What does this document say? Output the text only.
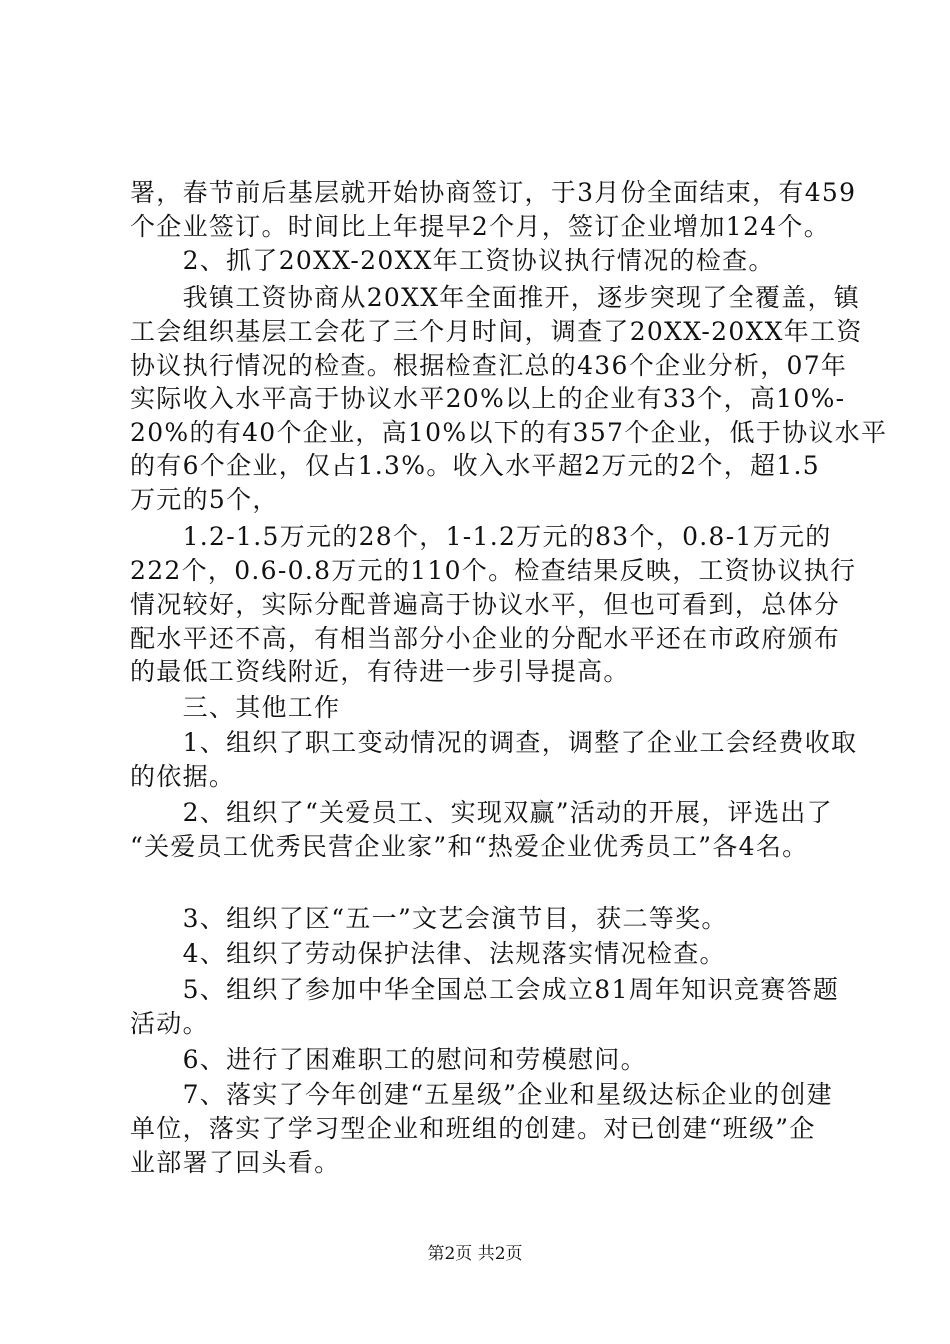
署，春节前后基层就开始协商签订，于3月份全面结束，有459
个企业签订。时间比上年提早2个月，签订企业增加124个。
　　2、抓了20XX-20XX年工资协议执行情况的检查。
　　我镇工资协商从20XX年全面推开，逐步突现了全覆盖，镇
工会组织基层工会花了三个月时间，调查了20XX-20XX年工资
协议执行情况的检查。根据检查汇总的436个企业分析，07年
实际收入水平高于协议水平20%以上的企业有33个，高10%-
20%的有40个企业，高10%以下的有357个企业，低于协议水平
的有6个企业，仅占1.3%。收入水平超2万元的2个，超1.5
万元的5个，
　　1.2-1.5万元的28个，1-1.2万元的83个，0.8-1万元的
222个，0.6-0.8万元的110个。检查结果反映，工资协议执行
情况较好，实际分配普遍高于协议水平，但也可看到，总体分
配水平还不高，有相当部分小企业的分配水平还在市政府颁布
的最低工资线附近，有待进一步引导提高。
　　三、其他工作
　　1、组织了职工变动情况的调查，调整了企业工会经费收取
的依据。
　　2、组织了“关爱员工、实现双赢”活动的开展，评选出了
“关爱员工优秀民营企业家”和“热爱企业优秀员工”各4名。
　　3、组织了区“五一”文艺会演节目，获二等奖。
　　4、组织了劳动保护法律、法规落实情况检查。
　　5、组织了参加中华全国总工会成立81周年知识竞赛答题
活动。
　　6、进行了困难职工的慰问和劳模慰问。
　　7、落实了今年创建“五星级”企业和星级达标企业的创建
单位，落实了学习型企业和班组的创建。对已创建“班级”企
业部署了回头看。
第2页 共2页
